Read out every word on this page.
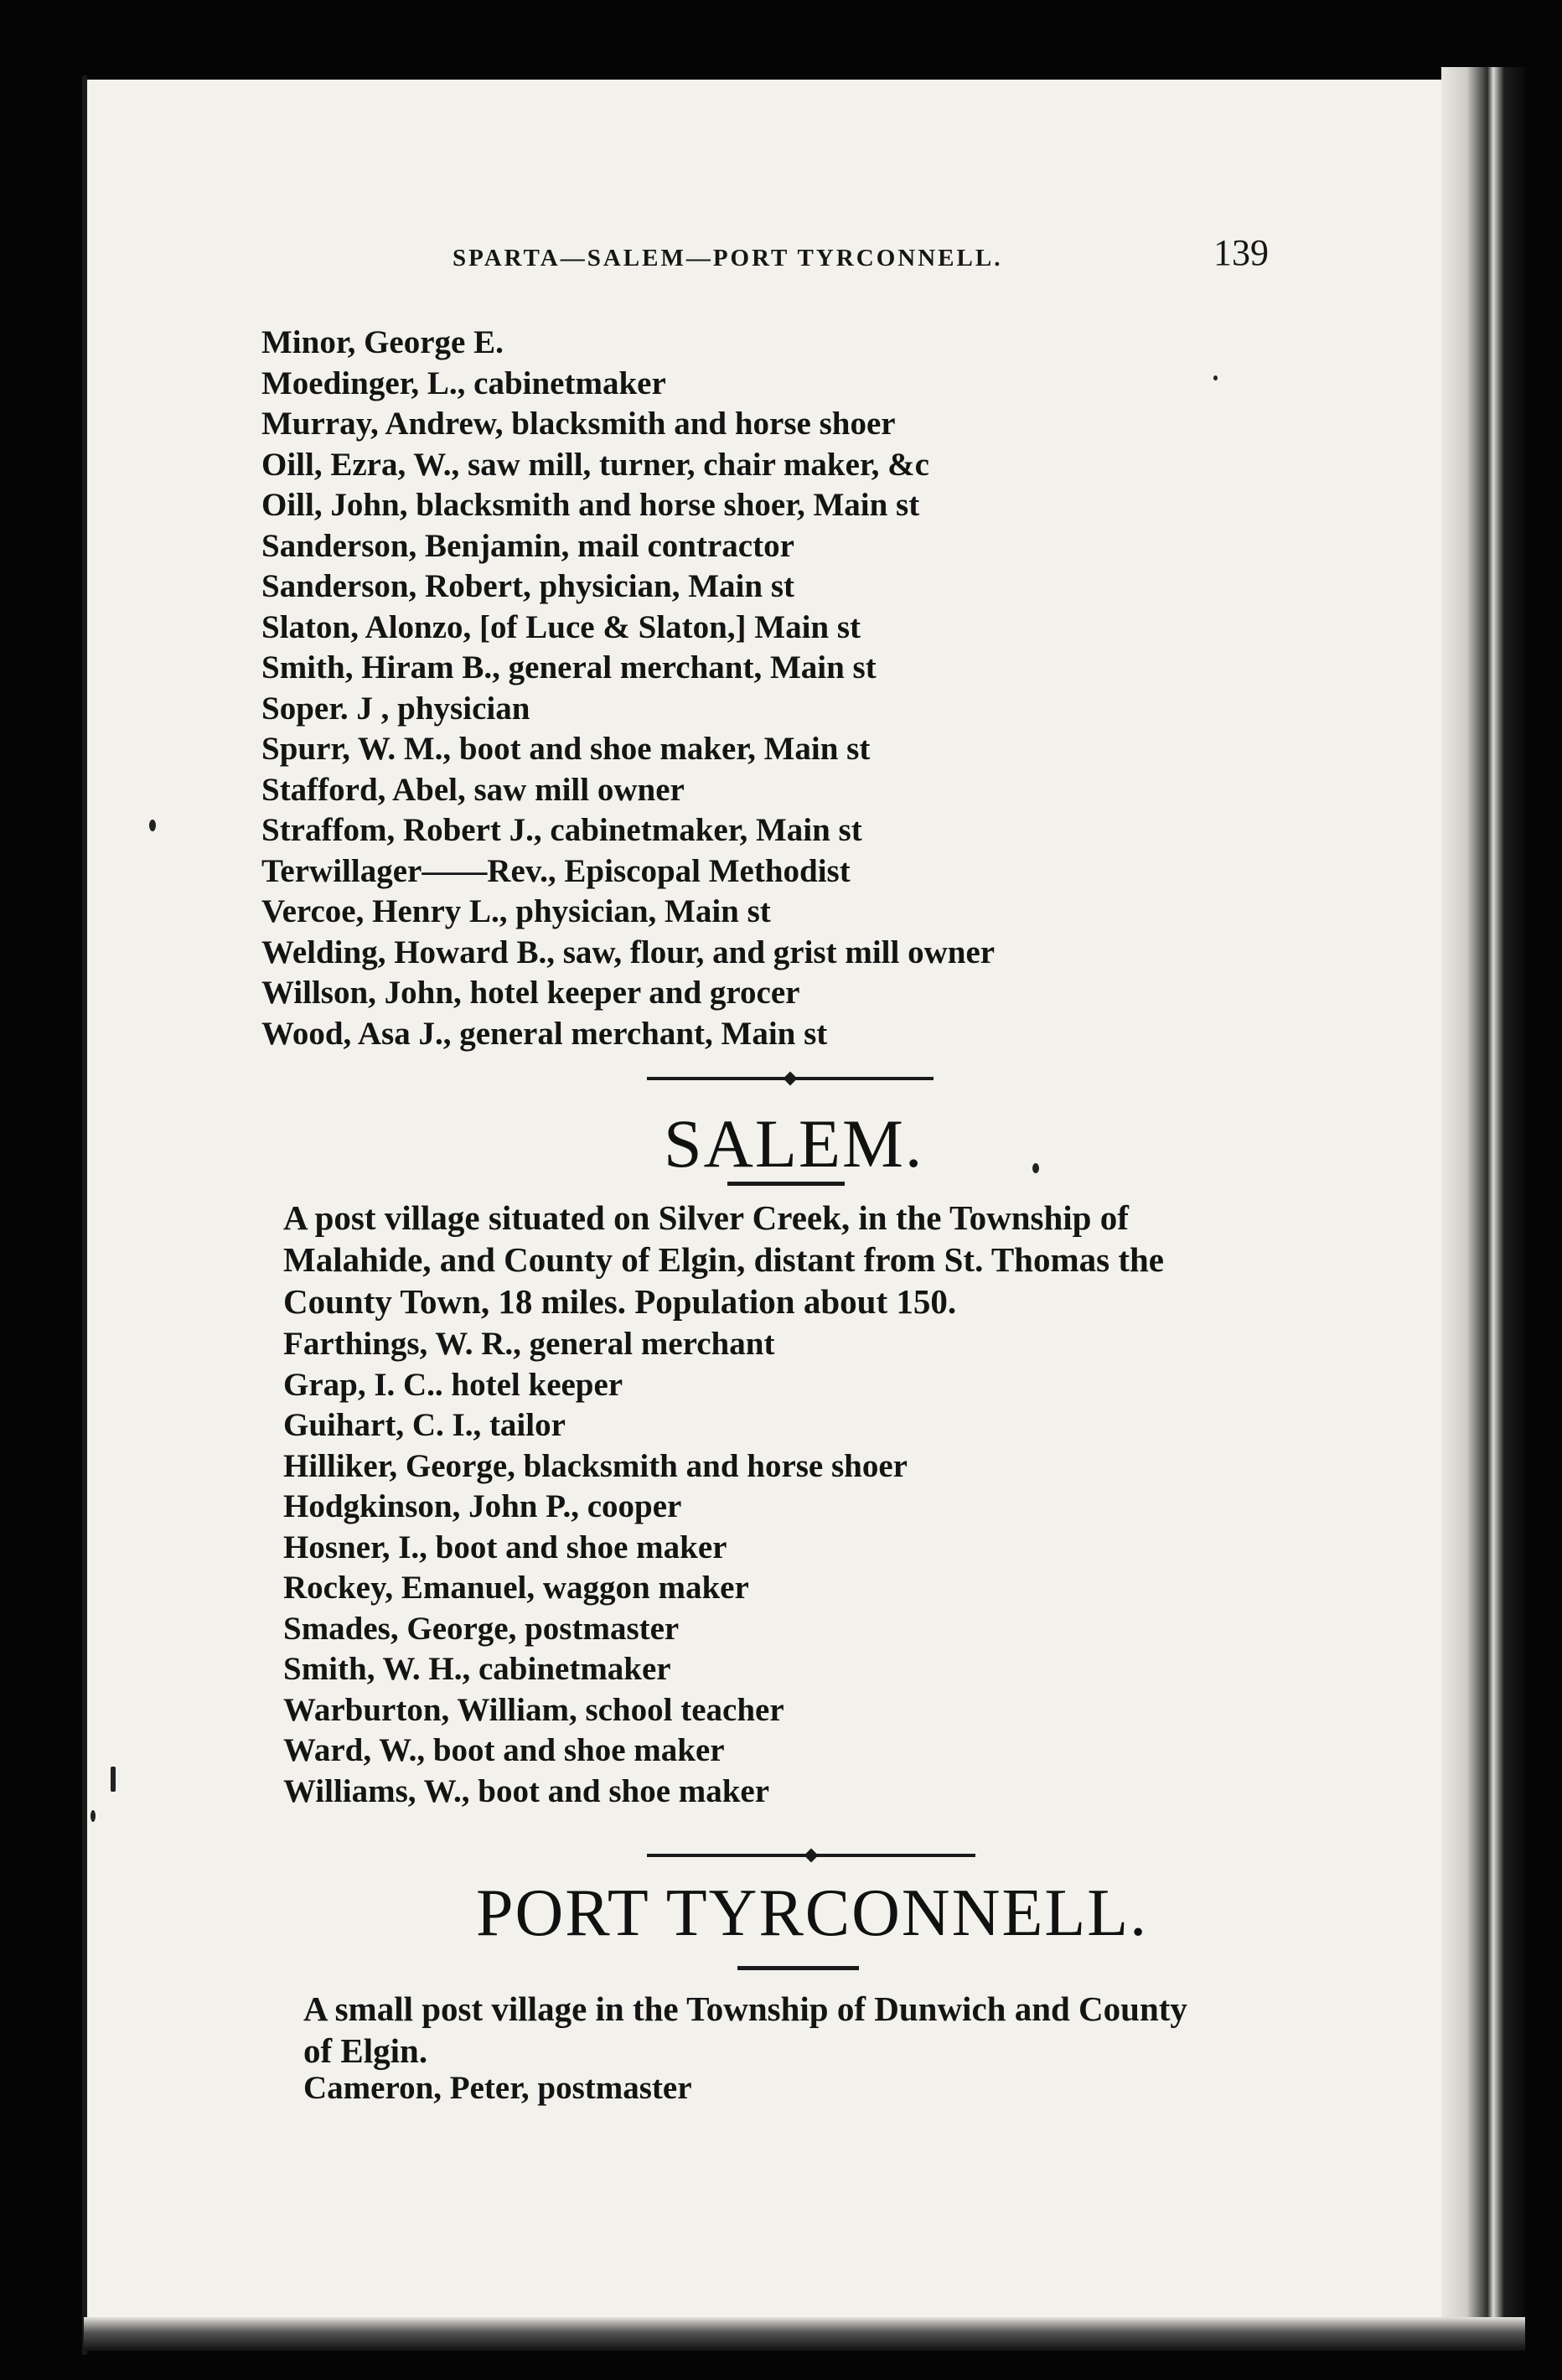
SPARTA—SALEM—PORT TYRCONNELL.	139
Minor, George E.
Moedinger, L., cabinetmaker
Murray, Andrew, blacksmith and horse shoer
Oill, Ezra, W., saw mill, turner, chair maker, &c
Oill, John, blacksmith and horse shoer, Main st
Sanderson, Benjamin, mail contractor
Sanderson, Robert, physician, Main st
Slaton, Alonzo, [of Luce & Slaton,] Main st
Smith, Hiram B., general merchant, Main st
Soper. J , physician
Spurr, W. M., boot and shoe maker, Main st
Stafford, Abel, saw mill owner
Straffom, Robert J., cabinetmaker, Main st
Terwillager——Rev., Episcopal Methodist
Vercoe, Henry L., physician, Main st
Welding, Howard B., saw, flour, and grist mill owner
Willson, John, hotel keeper and grocer
Wood, Asa J., general merchant, Main st
SALEM.
A post village situated on Silver Creek, in the Township of
Malahide, and County of Elgin, distant from St. Thomas the
County Town, 18 miles. Population about 150.
Farthings, W. R., general merchant
Grap, I. C.. hotel keeper
Guihart, C. I., tailor
Hilliker, George, blacksmith and horse shoer
Hodgkinson, John P., cooper
Hosner, I., boot and shoe maker
Rockey, Emanuel, waggon maker
Smades, George, postmaster
Smith, W. H., cabinetmaker
Warburton, William, school teacher
Ward, W., boot and shoe maker
Williams, W., boot and shoe maker
PORT TYRCONNELL.
A small post village in the Township of Dunwich and County
of Elgin.
Cameron, Peter, postmaster
